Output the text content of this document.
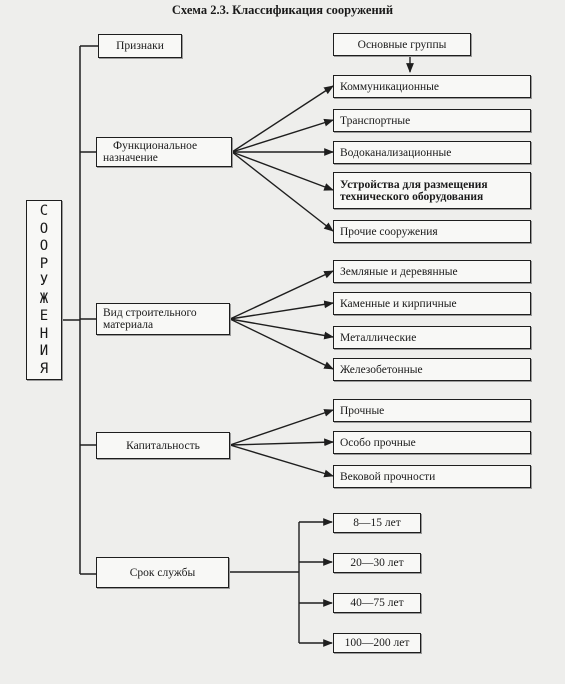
Схема 2.3. Классификация сооружений
С
О
О
Р
У
Ж
Е
Н
И
Я
Признаки
Функциональное
назначение
Вид строительного
материала
Капитальность
Срок службы
Основные группы
Коммуникационные
Транспортные
Водоканализационные
Устройства для размещения
технического оборудования
Прочие сооружения
Земляные и деревянные
Каменные и кирпичные
Металлические
Железобетонные
Прочные
Особо прочные
Вековой прочности
8—15 лет
20—30 лет
40—75 лет
100—200 лет
